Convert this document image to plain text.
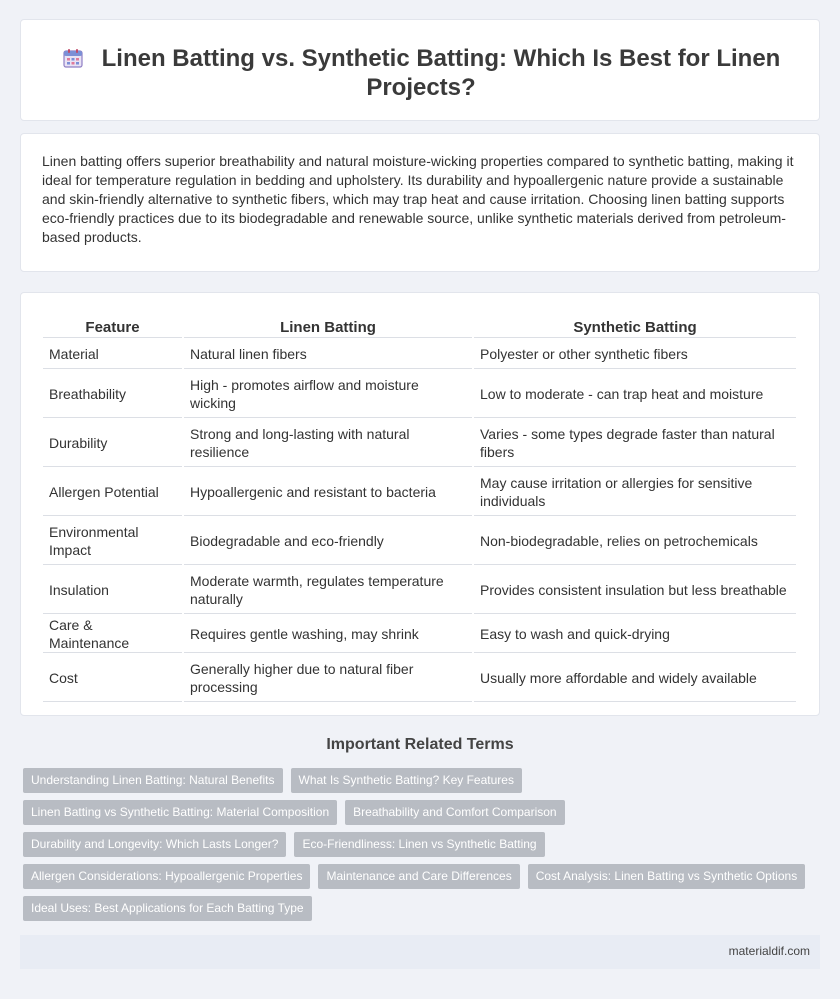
Linen Batting vs. Synthetic Batting: Which Is Best for Linen Projects?

Linen batting offers superior breathability and natural moisture-wicking properties compared to synthetic batting, making it ideal for temperature regulation in bedding and upholstery. Its durability and hypoallergenic nature provide a sustainable and skin-friendly alternative to synthetic fibers, which may trap heat and cause irritation. Choosing linen batting supports eco-friendly practices due to its biodegradable and renewable source, unlike synthetic materials derived from petroleum-based products.

Feature	Linen Batting	Synthetic Batting
Material	Natural linen fibers	Polyester or other synthetic fibers
Breathability	High - promotes airflow and moisture wicking	Low to moderate - can trap heat and moisture
Durability	Strong and long-lasting with natural resilience	Varies - some types degrade faster than natural fibers
Allergen Potential	Hypoallergenic and resistant to bacteria	May cause irritation or allergies for sensitive individuals
Environmental Impact	Biodegradable and eco-friendly	Non-biodegradable, relies on petrochemicals
Insulation	Moderate warmth, regulates temperature naturally	Provides consistent insulation but less breathable
Care & Maintenance	Requires gentle washing, may shrink	Easy to wash and quick-drying
Cost	Generally higher due to natural fiber processing	Usually more affordable and widely available
Important Related Terms
Understanding Linen Batting: Natural Benefits	What Is Synthetic Batting? Key Features
Linen Batting vs Synthetic Batting: Material Composition	Breathability and Comfort Comparison
Durability and Longevity: Which Lasts Longer?	Eco-Friendliness: Linen vs Synthetic Batting
Allergen Considerations: Hypoallergenic Properties	Maintenance and Care Differences	Cost Analysis: Linen Batting vs Synthetic Options
Ideal Uses: Best Applications for Each Batting Type
materialdif.com
